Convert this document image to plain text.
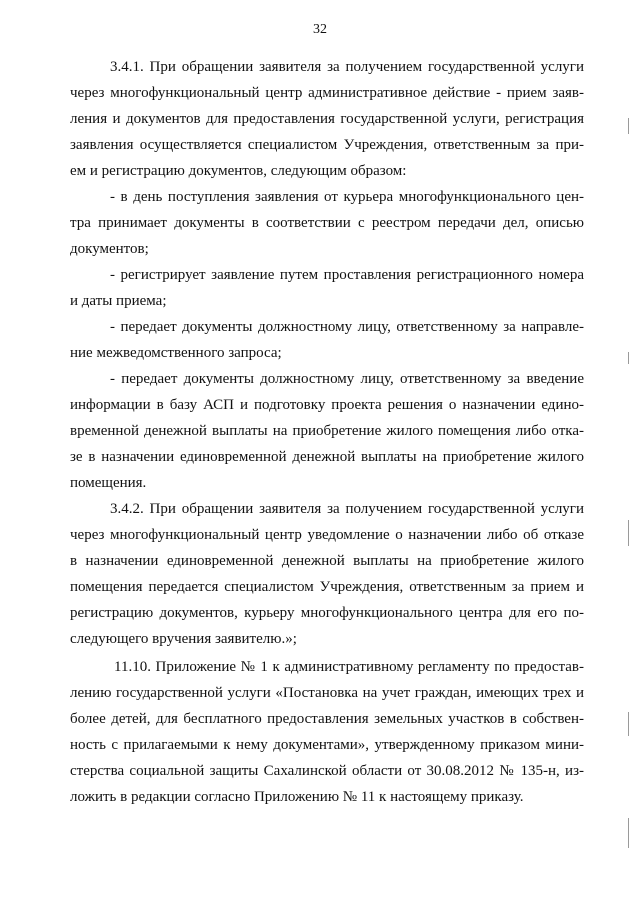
32
3.4.1. При обращении заявителя за получением государственной услуги
через многофункциональный центр административное действие - прием заяв-
ления и документов для предоставления государственной услуги, регистрация
заявления осуществляется специалистом Учреждения, ответственным за при-
ем и регистрацию документов, следующим образом:
- в день поступления заявления от курьера многофункционального цен-
тра принимает документы в соответствии с реестром передачи дел, описью
документов;
- регистрирует заявление путем проставления регистрационного номера
и даты приема;
- передает документы должностному лицу, ответственному за направле-
ние межведомственного запроса;
- передает документы должностному лицу, ответственному за введение
информации в базу АСП и подготовку проекта решения о назначении едино-
временной денежной выплаты на приобретение жилого помещения либо отка-
зе в назначении единовременной денежной выплаты на приобретение жилого
помещения.
3.4.2. При обращении заявителя за получением государственной услуги
через многофункциональный центр уведомление о назначении либо об отказе
в назначении единовременной денежной выплаты на приобретение жилого
помещения передается специалистом Учреждения, ответственным за прием и
регистрацию документов, курьеру многофункционального центра для его по-
следующего вручения заявителю.»;
11.10. Приложение № 1 к административному регламенту по предостав-
лению государственной услуги «Постановка на учет граждан, имеющих трех и
более детей, для бесплатного предоставления земельных участков в собствен-
ность с прилагаемыми к нему документами», утвержденному приказом мини-
стерства социальной защиты Сахалинской области от 30.08.2012 № 135-н, из-
ложить в редакции согласно Приложению № 11 к настоящему приказу.
